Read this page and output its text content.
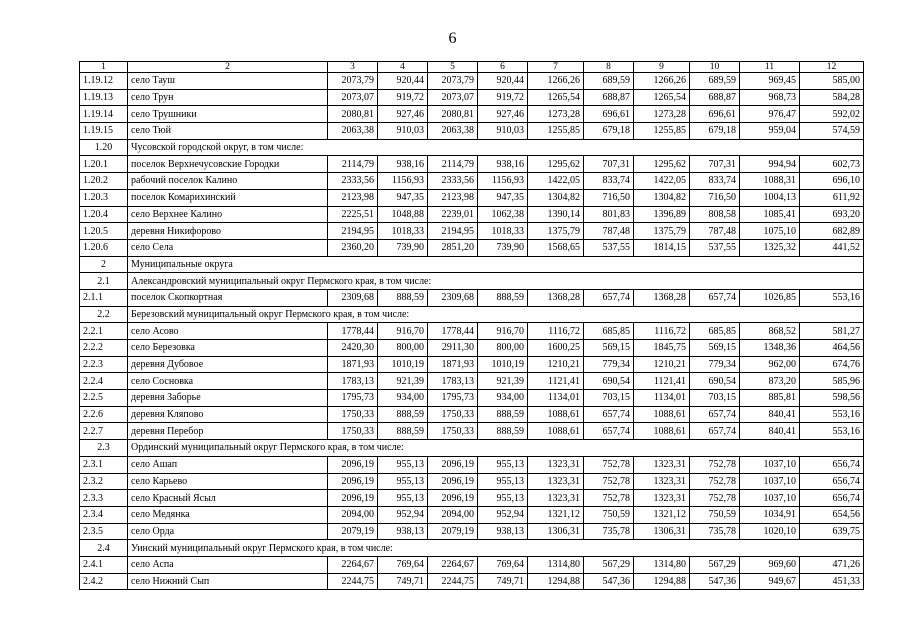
6
1	2	3	4	5	6	7	8	9	10	11	12
1.19.12	село Тауш	2073,79	920,44	2073,79	920,44	1266,26	689,59	1266,26	689,59	969,45	585,00
1.19.13	село Трун	2073,07	919,72	2073,07	919,72	1265,54	688,87	1265,54	688,87	968,73	584,28
1.19.14	село Трушники	2080,81	927,46	2080,81	927,46	1273,28	696,61	1273,28	696,61	976,47	592,02
1.19.15	село Тюй	2063,38	910,03	2063,38	910,03	1255,85	679,18	1255,85	679,18	959,04	574,59
1.20	Чусовской городской округ, в том числе:										
1.20.1	поселок Верхнечусовские Городки	2114,79	938,16	2114,79	938,16	1295,62	707,31	1295,62	707,31	994,94	602,73
1.20.2	рабочий поселок Калино	2333,56	1156,93	2333,56	1156,93	1422,05	833,74	1422,05	833,74	1088,31	696,10
1.20.3	поселок Комарихинский	2123,98	947,35	2123,98	947,35	1304,82	716,50	1304,82	716,50	1004,13	611,92
1.20.4	село Верхнее Калино	2225,51	1048,88	2239,01	1062,38	1390,14	801,83	1396,89	808,58	1085,41	693,20
1.20.5	деревня Никифорово	2194,95	1018,33	2194,95	1018,33	1375,79	787,48	1375,79	787,48	1075,10	682,89
1.20.6	село Села	2360,20	739,90	2851,20	739,90	1568,65	537,55	1814,15	537,55	1325,32	441,52
2	Муниципальные округа										
2.1	Александровский муниципальный округ Пермского края, в том числе:										
2.1.1	поселок Скопкортная	2309,68	888,59	2309,68	888,59	1368,28	657,74	1368,28	657,74	1026,85	553,16
2.2	Березовский муниципальный округ Пермского края, в том числе:										
2.2.1	село Асово	1778,44	916,70	1778,44	916,70	1116,72	685,85	1116,72	685,85	868,52	581,27
2.2.2	село Березовка	2420,30	800,00	2911,30	800,00	1600,25	569,15	1845,75	569,15	1348,36	464,56
2.2.3	деревня Дубовое	1871,93	1010,19	1871,93	1010,19	1210,21	779,34	1210,21	779,34	962,00	674,76
2.2.4	село Сосновка	1783,13	921,39	1783,13	921,39	1121,41	690,54	1121,41	690,54	873,20	585,96
2.2.5	деревня Заборье	1795,73	934,00	1795,73	934,00	1134,01	703,15	1134,01	703,15	885,81	598,56
2.2.6	деревня Кляпово	1750,33	888,59	1750,33	888,59	1088,61	657,74	1088,61	657,74	840,41	553,16
2.2.7	деревня Перебор	1750,33	888,59	1750,33	888,59	1088,61	657,74	1088,61	657,74	840,41	553,16
2.3	Ординский муниципальный округ Пермского края, в том числе:										
2.3.1	село Ашап	2096,19	955,13	2096,19	955,13	1323,31	752,78	1323,31	752,78	1037,10	656,74
2.3.2	село Карьево	2096,19	955,13	2096,19	955,13	1323,31	752,78	1323,31	752,78	1037,10	656,74
2.3.3	село Красный Ясыл	2096,19	955,13	2096,19	955,13	1323,31	752,78	1323,31	752,78	1037,10	656,74
2.3.4	село Медянка	2094,00	952,94	2094,00	952,94	1321,12	750,59	1321,12	750,59	1034,91	654,56
2.3.5	село Орда	2079,19	938,13	2079,19	938,13	1306,31	735,78	1306,31	735,78	1020,10	639,75
2.4	Уинский муниципальный округ Пермского края, в том числе:										
2.4.1	село Аспа	2264,67	769,64	2264,67	769,64	1314,80	567,29	1314,80	567,29	969,60	471,26
2.4.2	село Нижний Сып	2244,75	749,71	2244,75	749,71	1294,88	547,36	1294,88	547,36	949,67	451,33
